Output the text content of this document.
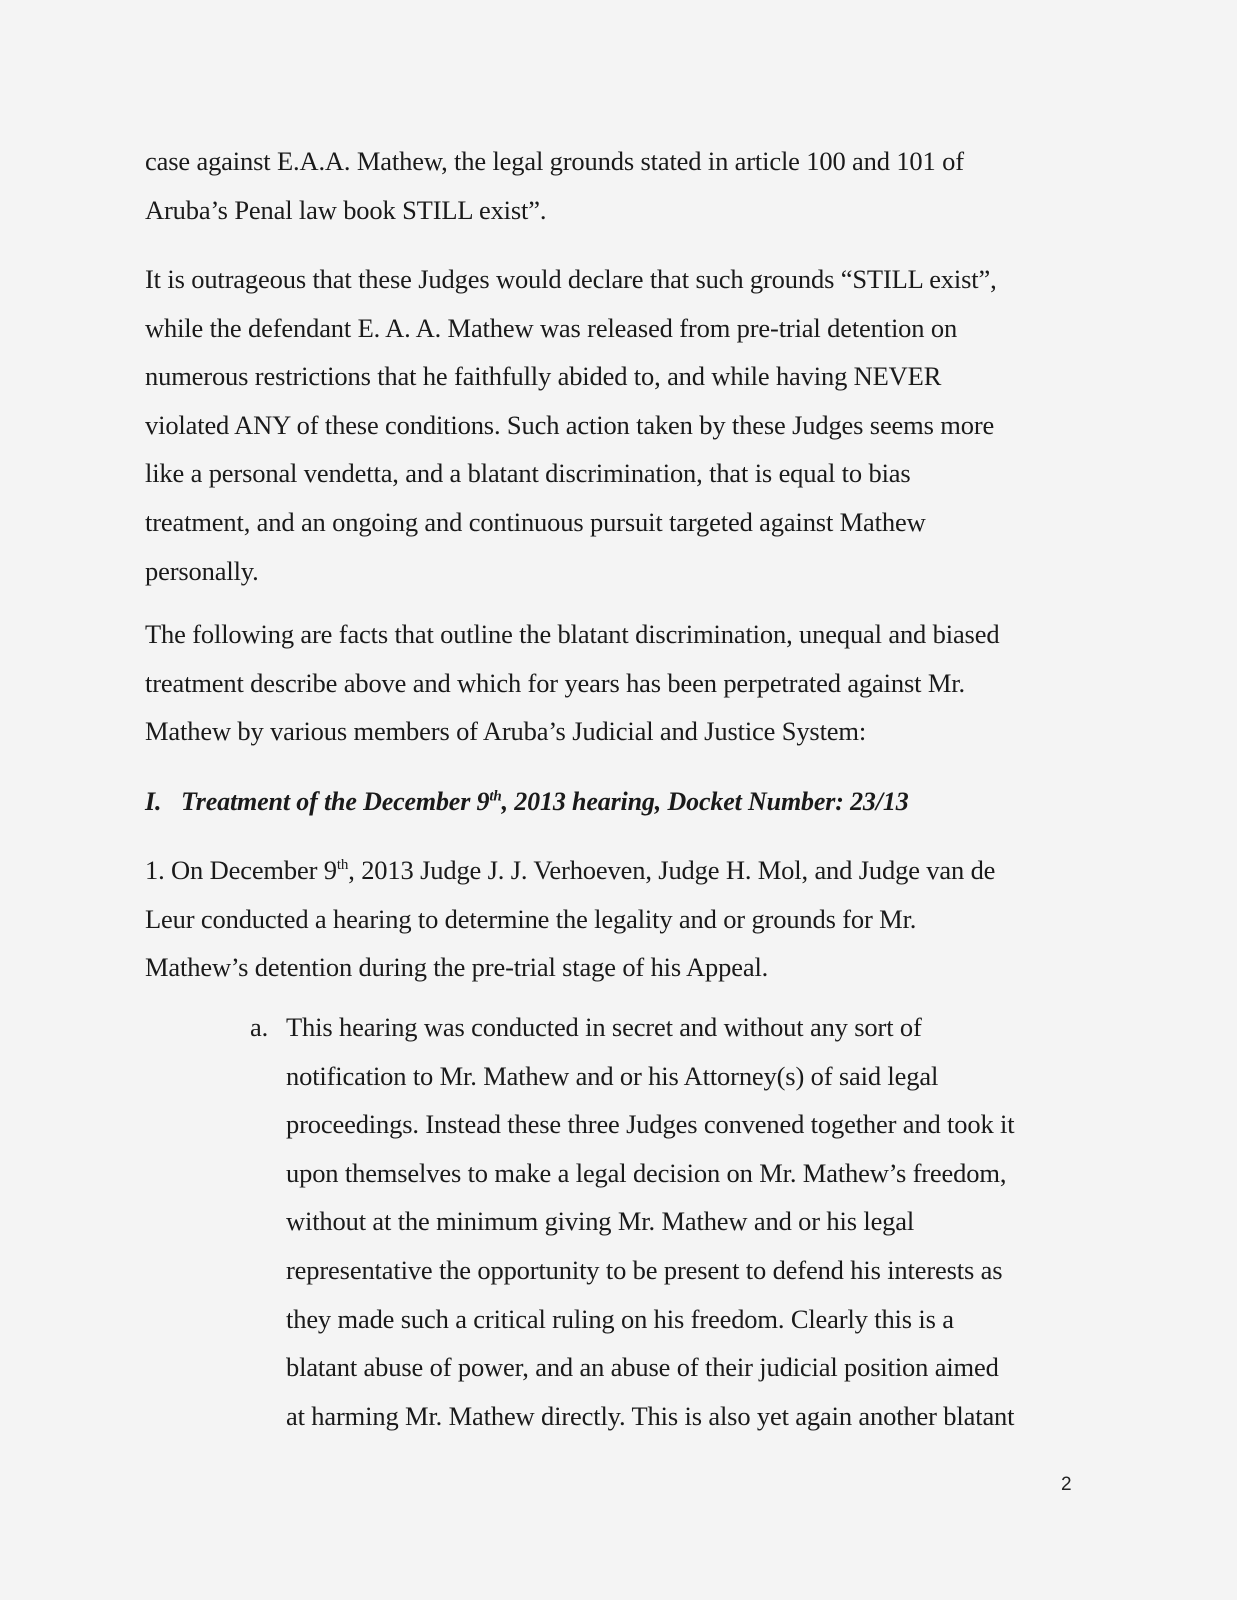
case against E.A.A. Mathew, the legal grounds stated in article 100 and 101 of
Aruba’s Penal law book STILL exist”.
It is outrageous that these Judges would declare that such grounds “STILL exist”,
while the defendant E. A. A. Mathew was released from pre-trial detention on
numerous restrictions that he faithfully abided to, and while having NEVER
violated ANY of these conditions. Such action taken by these Judges seems more
like a personal vendetta, and a blatant discrimination, that is equal to bias
treatment, and an ongoing and continuous pursuit targeted against Mathew
personally.
The following are facts that outline the blatant discrimination, unequal and biased
treatment describe above and which for years has been perpetrated against Mr.
Mathew by various members of Aruba’s Judicial and Justice System:
I. Treatment of the December 9th, 2013 hearing, Docket Number: 23/13
1. On December 9th, 2013 Judge J. J. Verhoeven, Judge H. Mol, and Judge van de
Leur conducted a hearing to determine the legality and or grounds for Mr.
Mathew’s detention during the pre-trial stage of his Appeal.
a. This hearing was conducted in secret and without any sort of
notification to Mr. Mathew and or his Attorney(s) of said legal
proceedings. Instead these three Judges convened together and took it
upon themselves to make a legal decision on Mr. Mathew’s freedom,
without at the minimum giving Mr. Mathew and or his legal
representative the opportunity to be present to defend his interests as
they made such a critical ruling on his freedom. Clearly this is a
blatant abuse of power, and an abuse of their judicial position aimed
at harming Mr. Mathew directly. This is also yet again another blatant
2
